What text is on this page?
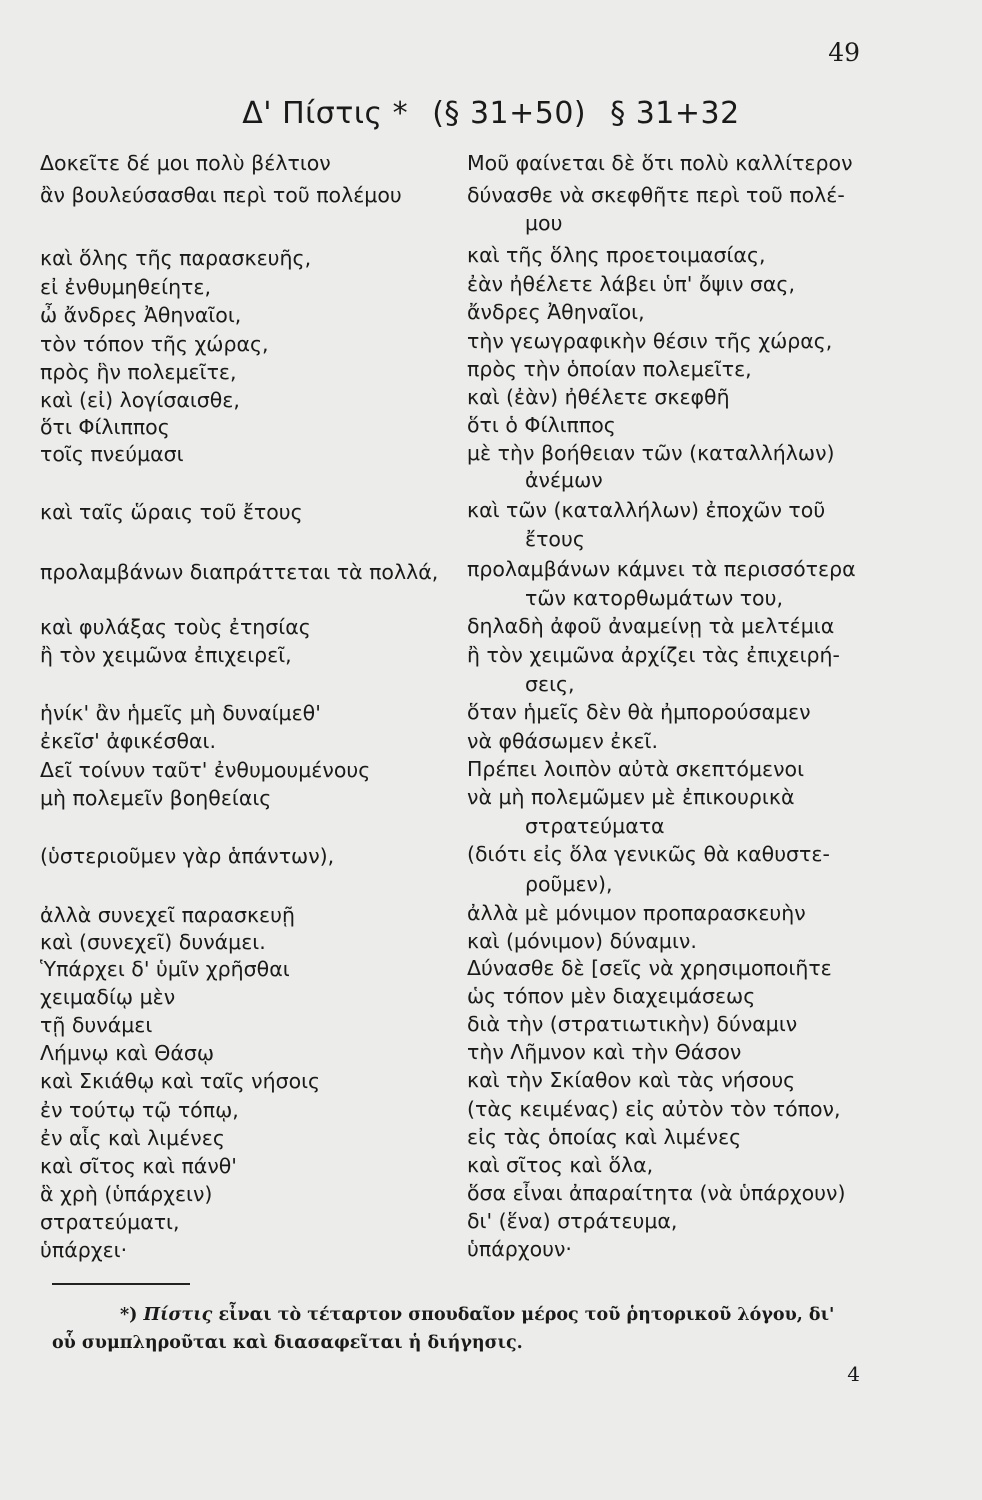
49
Δ' Πίστις * (§ 31+50) § 31+32
Δοκεῖτε δέ μοι πολὺ βέλτιον
ἂν βουλεύσασθαι περὶ τοῦ πολέμου
καὶ ὅλης τῆς παρασκευῆς,
εἰ ἐνθυμηθείητε,
ὦ ἄνδρες Ἀθηναῖοι,
τὸν τόπον τῆς χώρας,
πρὸς ἣν πολεμεῖτε,
καὶ (εἰ) λογίσαισθε,
ὅτι Φίλιππος
τοῖς πνεύμασι
καὶ ταῖς ὥραις τοῦ ἔτους
προλαμβάνων διαπράττεται τὰ πολλά,
καὶ φυλάξας τοὺς ἐτησίας
ἢ τὸν χειμῶνα ἐπιχειρεῖ,
ἡνίκ' ἂν ἡμεῖς μὴ δυναίμεθ'
ἐκεῖσ' ἀφικέσθαι.
Δεῖ τοίνυν ταῦτ' ἐνθυμουμένους
μὴ πολεμεῖν βοηθείαις
(ὑστεριοῦμεν γὰρ ἁπάντων),
ἀλλὰ συνεχεῖ παρασκευῇ
καὶ (συνεχεῖ) δυνάμει.
Ὑπάρχει δ' ὑμῖν χρῆσθαι
χειμαδίῳ μὲν
τῇ δυνάμει
Λήμνῳ καὶ Θάσῳ
καὶ Σκιάθῳ καὶ ταῖς νήσοις
ἐν τούτῳ τῷ τόπῳ,
ἐν αἷς καὶ λιμένες
καὶ σῖτος καὶ πάνθ'
ἃ χρὴ (ὑπάρχειν)
στρατεύματι,
ὑπάρχει·
Μοῦ φαίνεται δὲ ὅτι πολὺ καλλίτερον
δύνασθε νὰ σκεφθῆτε περὶ τοῦ πολέ-
μου
καὶ τῆς ὅλης προετοιμασίας,
ἐὰν ἠθέλετε λάβει ὑπ' ὄψιν σας,
ἄνδρες Ἀθηναῖοι,
τὴν γεωγραφικὴν θέσιν τῆς χώρας,
πρὸς τὴν ὁποίαν πολεμεῖτε,
καὶ (ἐὰν) ἠθέλετε σκεφθῆ
ὅτι ὁ Φίλιππος
μὲ τὴν βοήθειαν τῶν (καταλλήλων)
ἀνέμων
καὶ τῶν (καταλλήλων) ἐποχῶν τοῦ
ἔτους
προλαμβάνων κάμνει τὰ περισσότερα
τῶν κατορθωμάτων του,
δηλαδὴ ἀφοῦ ἀναμείνῃ τὰ μελτέμια
ἢ τὸν χειμῶνα ἀρχίζει τὰς ἐπιχειρή-
σεις,
ὅταν ἡμεῖς δὲν θὰ ἠμπορούσαμεν
νὰ φθάσωμεν ἐκεῖ.
Πρέπει λοιπὸν αὐτὰ σκεπτόμενοι
νὰ μὴ πολεμῶμεν μὲ ἐπικουρικὰ
στρατεύματα
(διότι εἰς ὅλα γενικῶς θὰ καθυστε-
ροῦμεν),
ἀλλὰ μὲ μόνιμον προπαρασκευὴν
καὶ (μόνιμον) δύναμιν.
Δύνασθε δὲ [σεῖς νὰ χρησιμοποιῆτε
ὡς τόπον μὲν διαχειμάσεως
διὰ τὴν (στρατιωτικὴν) δύναμιν
τὴν Λῆμνον καὶ τὴν Θάσον
καὶ τὴν Σκίαθον καὶ τὰς νήσους
(τὰς κειμένας) εἰς αὐτὸν τὸν τόπον,
εἰς τὰς ὁποίας καὶ λιμένες
καὶ σῖτος καὶ ὅλα,
ὅσα εἶναι ἀπαραίτητα (νὰ ὑπάρχουν)
δι' (ἕνα) στράτευμα,
ὑπάρχουν·
*) Πίστις εἶναι τὸ τέταρτον σπουδαῖον μέρος τοῦ ῥητορικοῦ λόγου, δι'
οὗ συμπληροῦται καὶ διασαφεῖται ἡ διήγησις.
4
